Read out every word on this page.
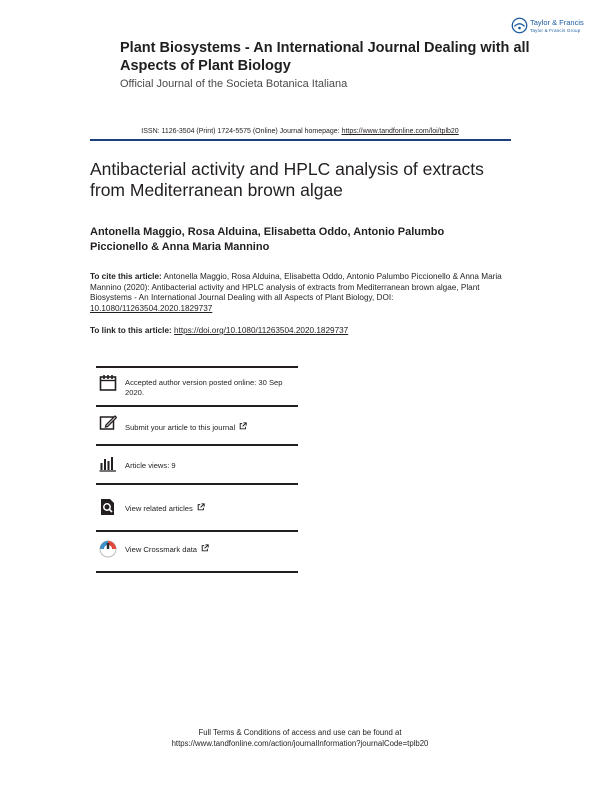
Taylor & Francis
Taylor & Francis Group
Plant Biosystems - An International Journal Dealing with all Aspects of Plant Biology
Official Journal of the Societa Botanica Italiana
ISSN: 1126-3504 (Print) 1724-5575 (Online) Journal homepage: https://www.tandfonline.com/loi/tplb20
Antibacterial activity and HPLC analysis of extracts from Mediterranean brown algae
Antonella Maggio, Rosa Alduina, Elisabetta Oddo, Antonio Palumbo Piccionello & Anna Maria Mannino
To cite this article: Antonella Maggio, Rosa Alduina, Elisabetta Oddo, Antonio Palumbo Piccionello & Anna Maria Mannino (2020): Antibacterial activity and HPLC analysis of extracts from Mediterranean brown algae, Plant Biosystems - An International Journal Dealing with all Aspects of Plant Biology, DOI: 10.1080/11263504.2020.1829737
To link to this article: https://doi.org/10.1080/11263504.2020.1829737
Accepted author version posted online: 30 Sep 2020.
Submit your article to this journal
Article views: 9
View related articles
View Crossmark data
Full Terms & Conditions of access and use can be found at
https://www.tandfonline.com/action/journalInformation?journalCode=tplb20
